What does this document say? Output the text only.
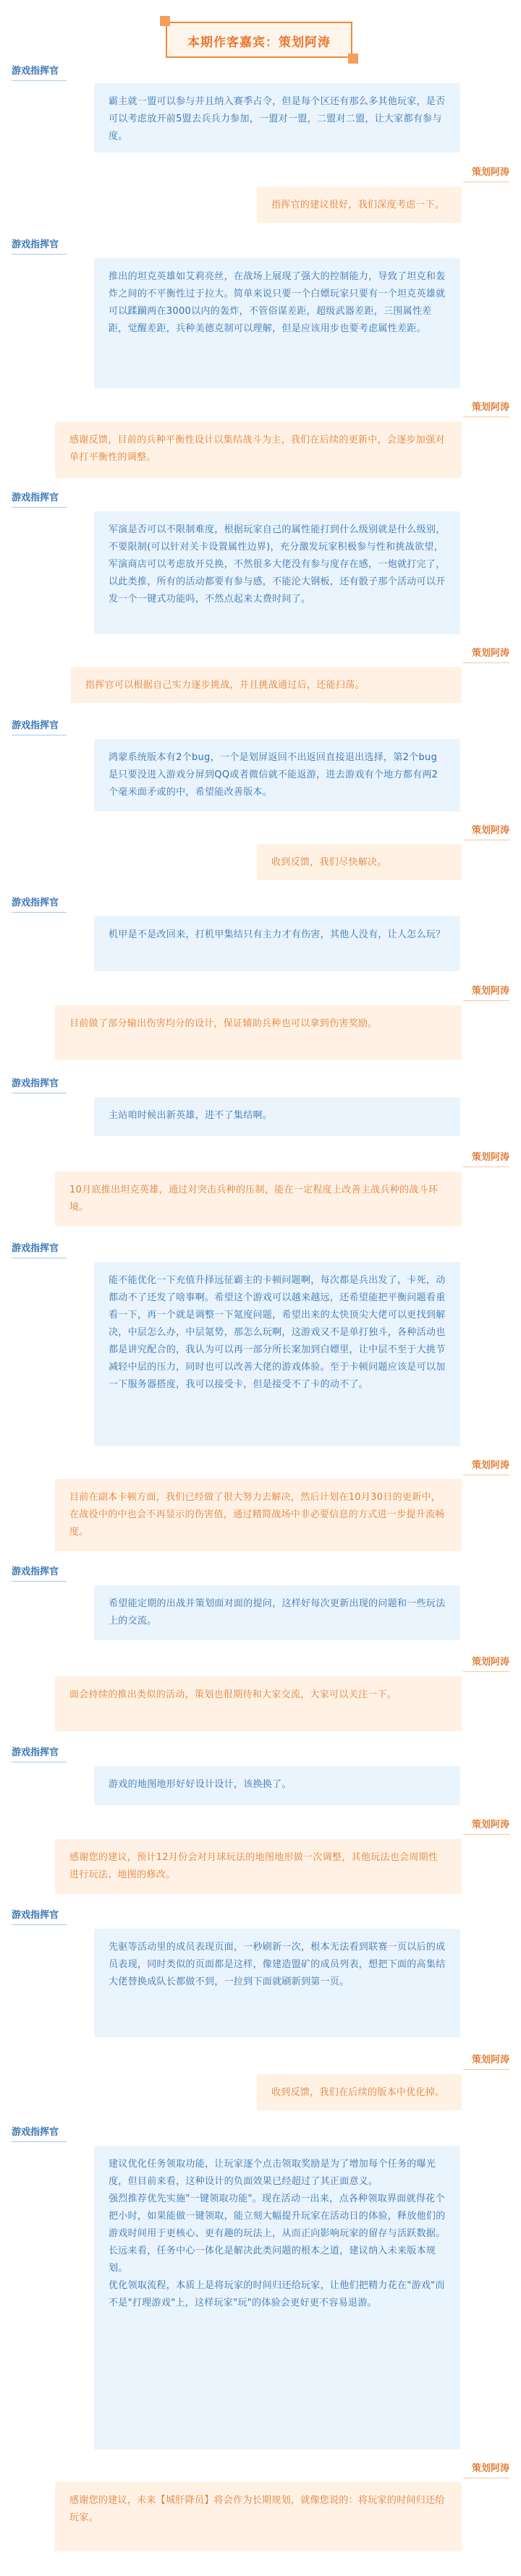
本期作客嘉宾：策划阿涛
游戏指挥官

霸主就一盟可以参与并且纳入赛季占令，但是每个区还有那么多其他玩家，是否可以考虑放开前5盟去兵兵力参加，一盟对一盟，二盟对二盟，让大家都有参与度。

策划阿涛

指挥官的建议很好，我们深度考虑一下。

游戏指挥官

推出的坦克英雄如艾莉亮丝，在战场上展现了强大的控制能力，导致了坦克和轰炸之间的不平衡性过于拉大。简单来说只要一个白嫖玩家只要有一个坦克英雄就可以蹂躏两在3000以内的轰炸，不管俗谋差距，超级武器差距，三围属性差距，觉醒差距，兵种美德克制可以理解，但是应该用步也要考虑属性差距。

策划阿涛

感谢反馈，目前的兵种平衡性设计以集结战斗为主，我们在后续的更新中，会逐步加强对单打平衡性的调整。

游戏指挥官

军演是否可以不限制难度，根据玩家自己的属性能打到什么级别就是什么级别，不要限制(可以针对关卡设置属性边界)，充分激发玩家积极参与性和挑战欲望，军演商店可以考虑放开兑换，不然很多大佬没有参与度存在感，一炮就打完了，以此类推，所有的活动都要有参与感，不能沦大钢板，还有骰子那个活动可以开发一个一键式功能吗，不然点起来太费时间了。

策划阿涛

指挥官可以根据自己实力逐步挑战，并且挑战通过后，还能扫荡。

游戏指挥官

鸿蒙系统版本有2个bug，一个是划屏返回不出返回直接退出选择，第2个bug是只要没进入游戏分屏到QQ或者微信就不能返游，进去游戏有个地方都有两2个毫米面矛或的中，希望能改善版本。

策划阿涛

收到反馈，我们尽快解决。

游戏指挥官

机甲是不是改回来，打机甲集结只有主力才有伤害，其他人没有，让人怎么玩？

策划阿涛

目前做了部分输出伤害均分的设计，保证辅助兵种也可以拿到伤害奖励。

游戏指挥官

主站咱时候出新英雄，进不了集结啊。

策划阿涛

10月底推出坦克英雄，通过对突击兵种的压制，能在一定程度上改善主战兵种的战斗环境。

游戏指挥官

能不能优化一下充值升择远征霸主的卡顿问题啊，每次都是兵出发了，卡死，动都动不了还发了啥事啊。希望这个游戏可以越来越远，还希望能把平衡问题看重看一下，再一个就是调整一下氪度问题，希望出来的太快顶尖大佬可以更找到解决，中层怎么办，中层氪势，那怎么玩啊，这游戏又不是单打独斗，各种活动也都是讲究配合的，我认为可以再一部分所长案加到白嫖里，让中层不至于大挑节减轻中层的压力，同时也可以改善大佬的游戏体验。至于卡顿问题应该是可以加一下服务器搭度，我可以接受卡，但是接受不了卡的动不了。

策划阿涛

目前在副本卡顿方面，我们已经做了很大努力去解决，然后计划在10月30日的更新中，在战役中的中也会不再显示的伤害值，通过精简战场中非必要信息的方式进一步提升流畅度。

游戏指挥官

希望能定期的出战并策划面对面的提问，这样好每次更新出现的问题和一些玩法上的交流。

策划阿涛

面会持续的推出类似的活动，策划也很期待和大家交流，大家可以关注一下。

游戏指挥官

游戏的地图地形好好设计设计，该换换了。

策划阿涛

感谢您的建议，预计12月份会对月球玩法的地图地形做一次调整，其他玩法也会周期性进行玩法、地图的修改。

游戏指挥官

先驱等活动里的成员表现页面，一秒刷新一次，根本无法看到联赛一页以后的成员表现，同时类似的页面都是这样，像建造盟矿的成员列表，想把下面的高集结大佬替换成队长都做不到，一拉到下面就刷新到第一页。

策划阿涛

收到反馈，我们在后续的版本中优化掉。

游戏指挥官

建议优化任务领取功能，让玩家逐个点击领取奖励是为了增加每个任务的曝光度，但目前来看，这种设计的负面效果已经超过了其正面意义。
强烈推荐优先实施"一键领取功能"。现在活动一出来，点各种领取界面就得花个把小时，如果能做一键领取，能立刻大幅提升玩家在活动日的体验，释放他们的游戏时间用于更核心、更有趣的玩法上，从而正向影响玩家的留存与活跃数据。
长远来看，任务中心一体化是解决此类问题的根本之道，建议纳入未来版本规划。
优化领取流程，本质上是将玩家的时间归还给玩家，让他们把精力花在"游戏"而不是"打理游戏"上，这样玩家"玩"的体验会更好更不容易退游。

策划阿涛

感谢您的建议，未来【城肝降员】将会作为长期规划，就像您说的：将玩家的时间归还给玩家。
